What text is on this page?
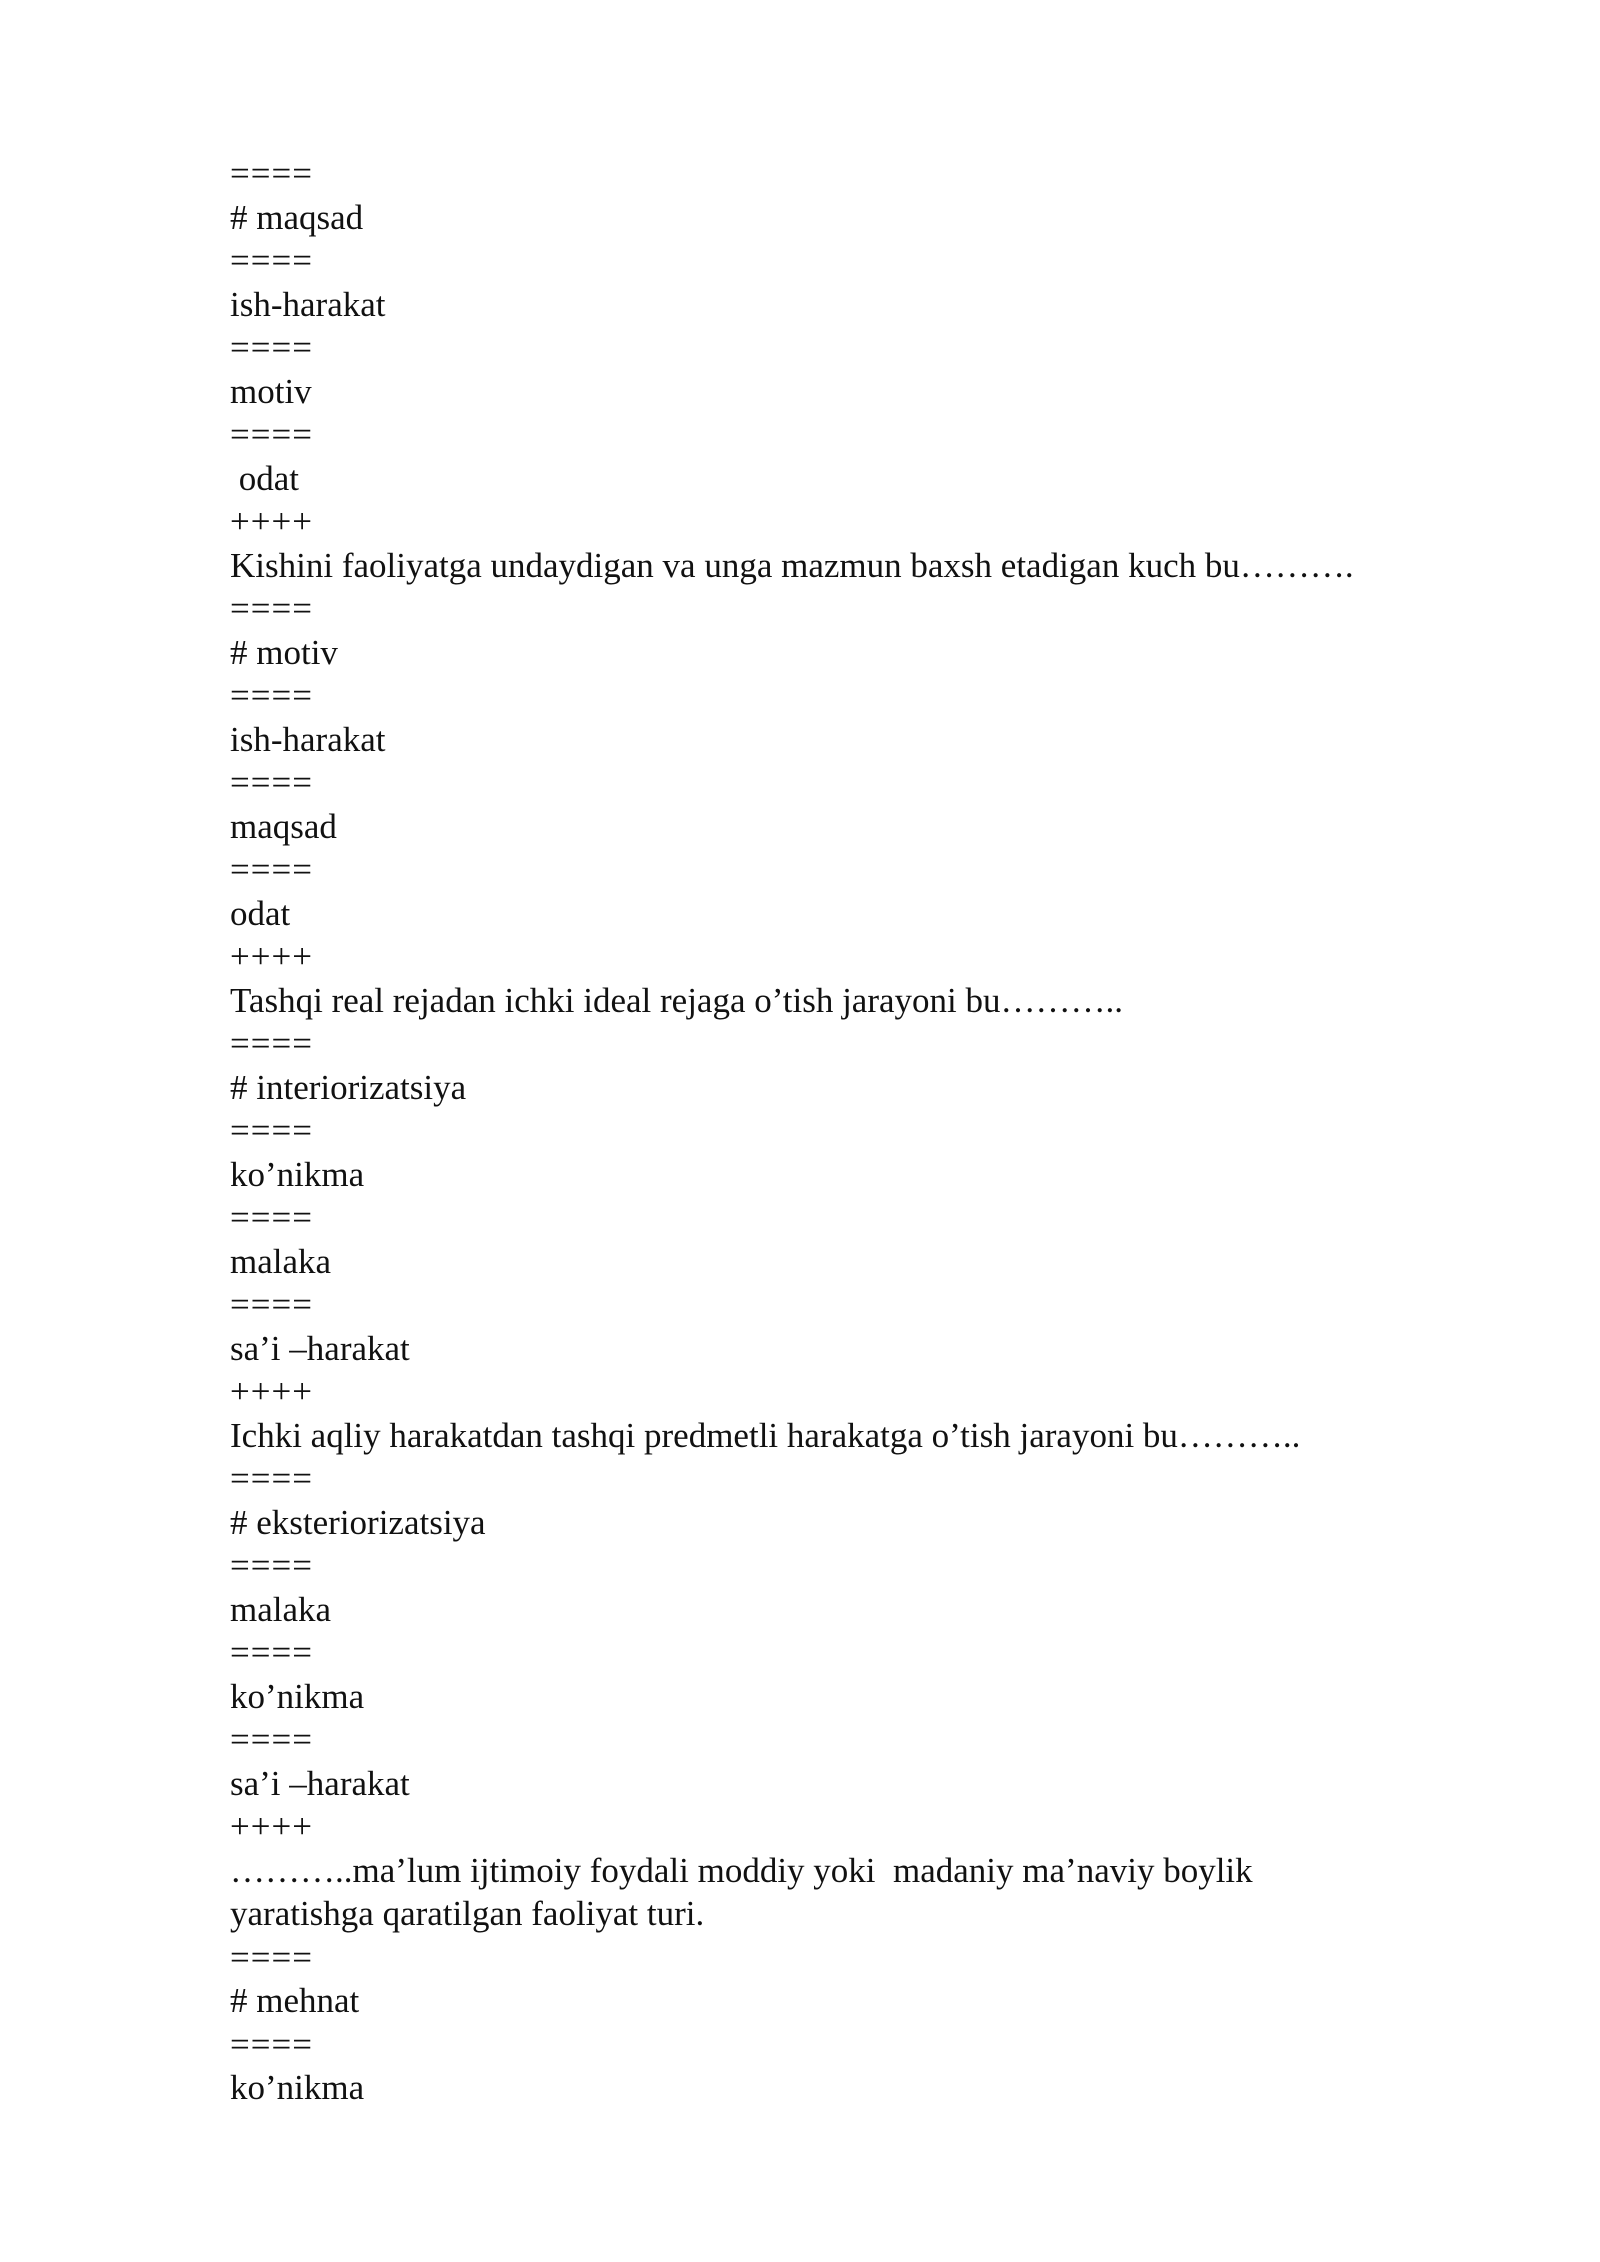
====
# maqsad
====
ish-harakat
====
motiv
====
odat
++++
Kishini faoliyatga undaydigan va unga mazmun baxsh etadigan kuch bu……….
====
# motiv
====
ish-harakat
====
maqsad
====
odat
++++
Tashqi real rejadan ichki ideal rejaga o’tish jarayoni bu………..
====
# interiorizatsiya
====
ko’nikma
====
malaka
====
sa’i –harakat
++++
Ichki aqliy harakatdan tashqi predmetli harakatga o’tish jarayoni bu………..
====
# eksteriorizatsiya
====
malaka
====
ko’nikma
====
sa’i –harakat
++++
………..ma’lum ijtimoiy foydali moddiy yoki  madaniy ma’naviy boylik
yaratishga qaratilgan faoliyat turi.
====
# mehnat
====
ko’nikma
